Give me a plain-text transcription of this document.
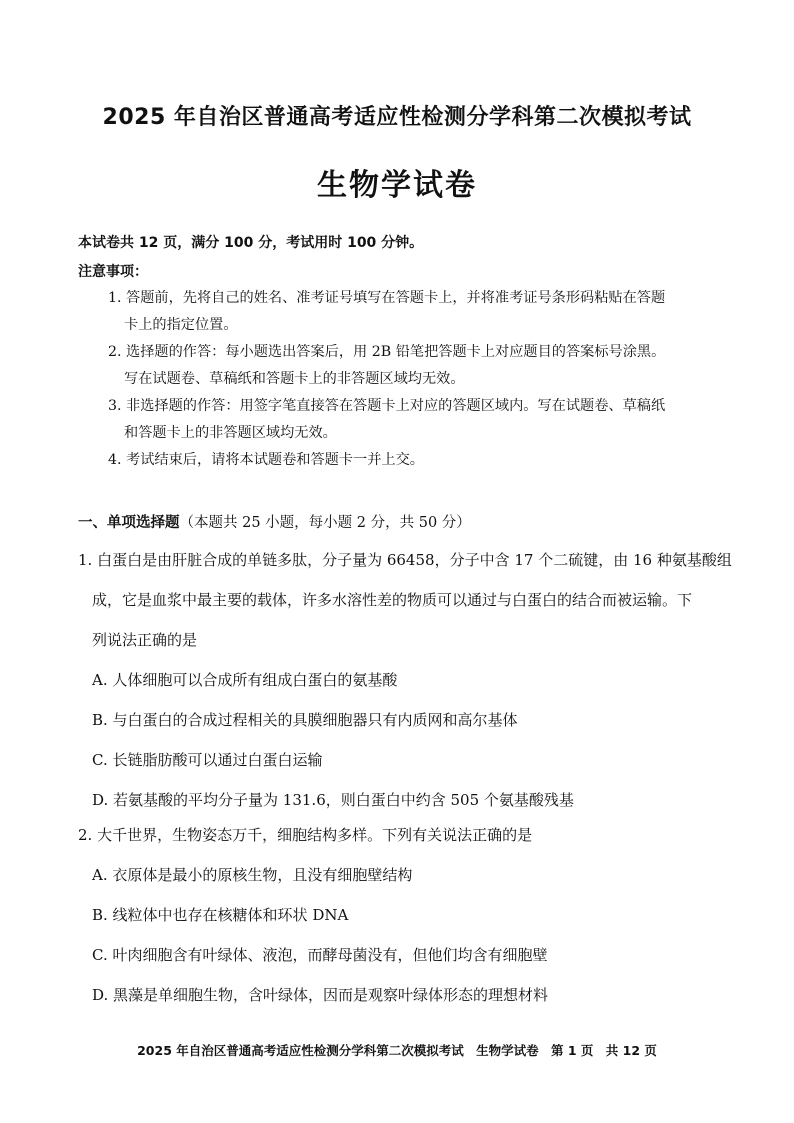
2025 年自治区普通高考适应性检测分学科第二次模拟考试
生物学试卷
本试卷共 12 页，满分 100 分，考试用时 100 分钟。
注意事项：
1. 答题前，先将自己的姓名、准考证号填写在答题卡上，并将准考证号条形码粘贴在答题
卡上的指定位置。
2. 选择题的作答：每小题选出答案后，用 2B 铅笔把答题卡上对应题目的答案标号涂黑。
写在试题卷、草稿纸和答题卡上的非答题区域均无效。
3. 非选择题的作答：用签字笔直接答在答题卡上对应的答题区域内。写在试题卷、草稿纸
和答题卡上的非答题区域均无效。
4. 考试结束后，请将本试题卷和答题卡一并上交。
一、单项选择题（本题共 25 小题，每小题 2 分，共 50 分）

1. 白蛋白是由肝脏合成的单链多肽，分子量为 66458，分子中含 17 个二硫键，由 16 种氨基酸组

成，它是血浆中最主要的载体，许多水溶性差的物质可以通过与白蛋白的结合而被运输。下

列说法正确的是

A. 人体细胞可以合成所有组成白蛋白的氨基酸

B. 与白蛋白的合成过程相关的具膜细胞器只有内质网和高尔基体

C. 长链脂肪酸可以通过白蛋白运输

D. 若氨基酸的平均分子量为 131.6，则白蛋白中约含 505 个氨基酸残基

2. 大千世界，生物姿态万千，细胞结构多样。下列有关说法正确的是

A. 衣原体是最小的原核生物，且没有细胞壁结构

B. 线粒体中也存在核糖体和环状 DNA

C. 叶肉细胞含有叶绿体、液泡，而酵母菌没有，但他们均含有细胞壁

D. 黑藻是单细胞生物，含叶绿体，因而是观察叶绿体形态的理想材料

2025 年自治区普通高考适应性检测分学科第二次模拟考试 生物学试卷 第 1 页 共 12 页
